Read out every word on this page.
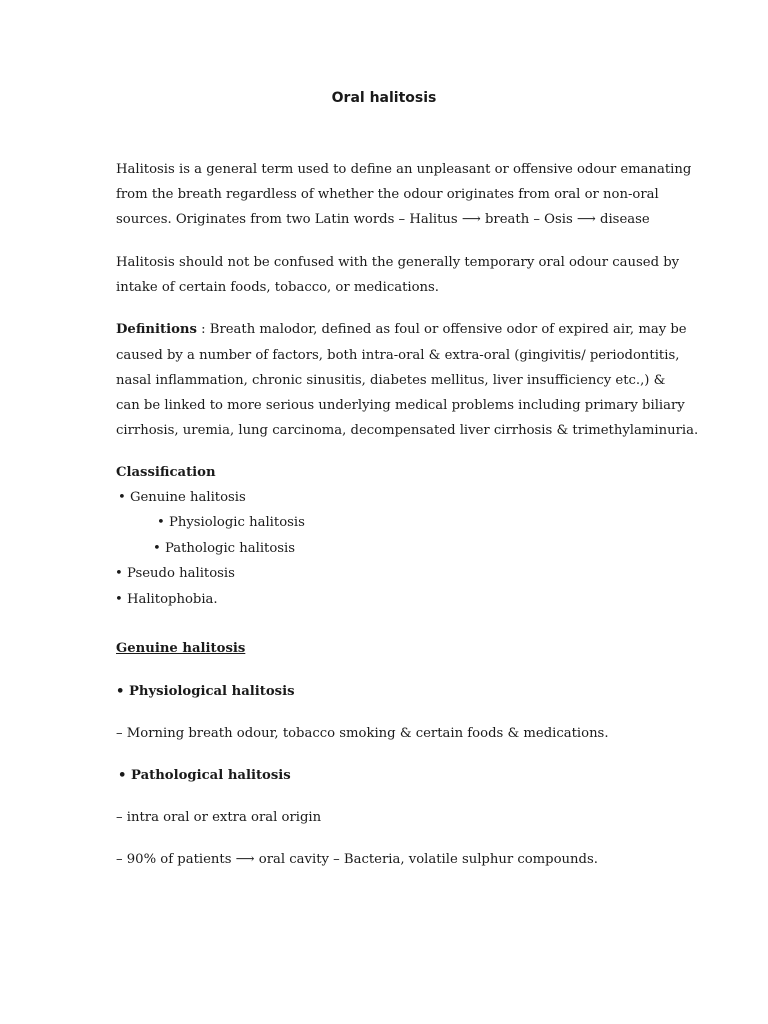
Oral halitosis
Halitosis is a general term used to define an unpleasant or offensive odour emanating
from the breath regardless of whether the odour originates from oral or non-oral
sources. Originates from two Latin words – Halitus ⟶ breath – Osis ⟶ disease
Halitosis should not be confused with the generally temporary oral odour caused by
intake of certain foods, tobacco, or medications.
Definitions : Breath malodor, defined as foul or offensive odor of expired air, may be
caused by a number of factors, both intra-oral & extra-oral (gingivitis/ periodontitis,
nasal inflammation, chronic sinusitis, diabetes mellitus, liver insufficiency etc.,) &
can be linked to more serious underlying medical problems including primary biliary
cirrhosis, uremia, lung carcinoma, decompensated liver cirrhosis & trimethylaminuria.
Classification
• Genuine halitosis
• Physiologic halitosis
• Pathologic halitosis
• Pseudo halitosis
• Halitophobia.
Genuine halitosis
• Physiological halitosis
– Morning breath odour, tobacco smoking & certain foods & medications.
• Pathological halitosis
– intra oral or extra oral origin
– 90% of patients ⟶ oral cavity – Bacteria, volatile sulphur compounds.
